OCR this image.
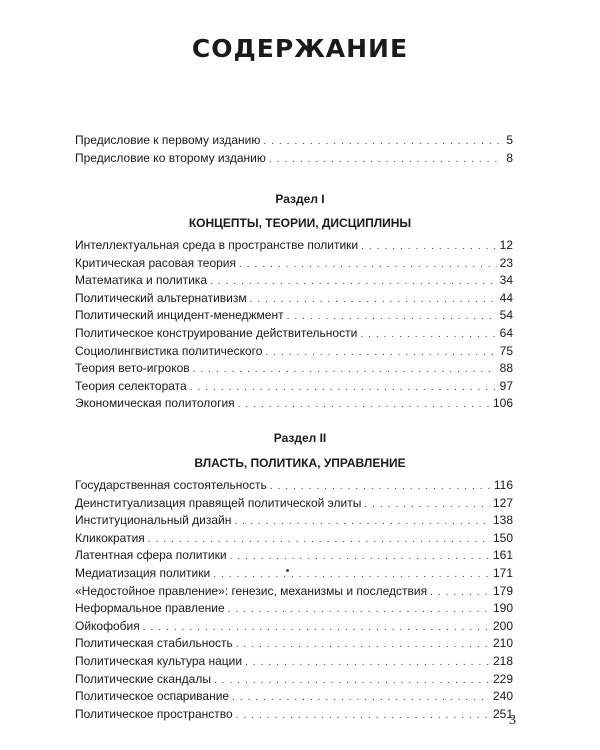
СОДЕРЖАНИЕ
Предисловие к первому изданию .....	5
Предисловие ко второму изданию .....	8
Раздел I
КОНЦЕПТЫ, ТЕОРИИ, ДИСЦИПЛИНЫ
Интеллектуальная среда в пространстве политики .....	12
Критическая расовая теория .....	23
Математика и политика .....	34
Политический альтернативизм .....	44
Политический инцидент-менеджмент .....	54
Политическое конструирование действительности .....	64
Социолингвистика политического .....	75
Теория вето-игроков .....	88
Теория селектората .....	97
Экономическая политология .....	106
Раздел II
ВЛАСТЬ, ПОЛИТИКА, УПРАВЛЕНИЕ
Государственная состоятельность .....	116
Деинституализация правящей политической элиты .....	127
Институциональный дизайн .....	138
Кликократия .....	150
Латентная сфера политики .....	161
Медиатизация политики .....	171
«Недостойное правление»: генезис, механизмы и последствия .....	179
Неформальное правление .....	190
Ойкофобия .....	200
Политическая стабильность .....	210
Политическая культура нации .....	218
Политические скандалы .....	229
Политическое оспаривание .....	240
Политическое пространство .....	251
3
